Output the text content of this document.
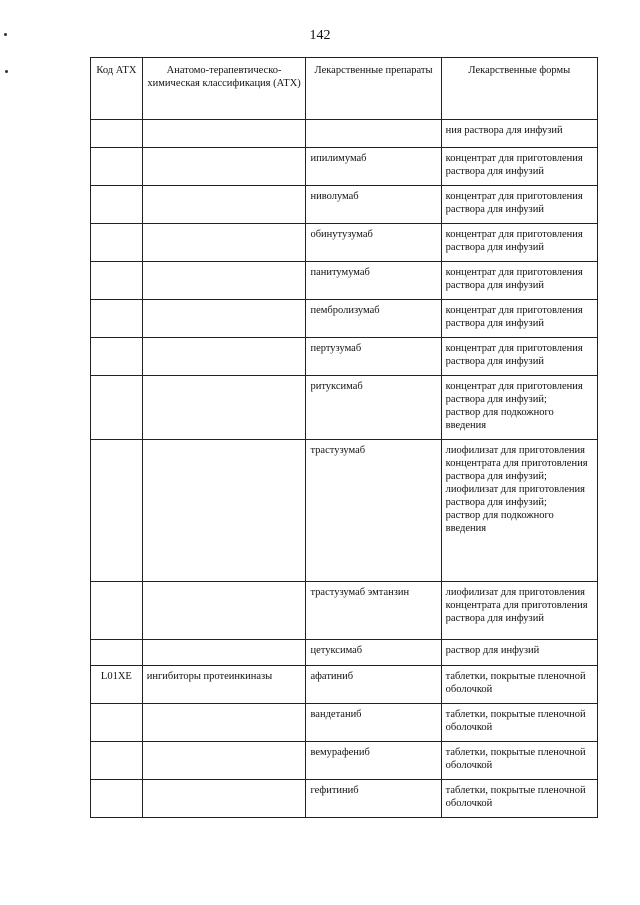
142
Код АТХ	Анатомо-терапевтическо-химическая классификация (АТХ)	Лекарственные препараты	Лекарственные формы
			ния раствора для инфузий
		ипилимумаб	концентрат для приготовления раствора для инфузий
		ниволумаб	концентрат для приготовления раствора для инфузий
		обинутузумаб	концентрат для приготовления раствора для инфузий
		панитумумаб	концентрат для приготовления раствора для инфузий
		пембролизумаб	концентрат для приготовления раствора для инфузий
		пертузумаб	концентрат для приготовления раствора для инфузий
		ритуксимаб	концентрат для приготовления раствора для инфузий;
раствор для подкожного введения
		трастузумаб	лиофилизат для приготовления концентрата для приготовления раствора для инфузий;
лиофилизат для приготовления раствора для инфузий;
раствор для подкожного введения
		трастузумаб эмтанзин	лиофилизат для приготовления концентрата для приготовления раствора для инфузий
		цетуксимаб	раствор для инфузий
L01XE	ингибиторы протеинкиназы	афатиниб	таблетки, покрытые пленочной оболочкой
		вандетаниб	таблетки, покрытые пленочной оболочкой
		вемурафениб	таблетки, покрытые пленочной оболочкой
		гефитиниб	таблетки, покрытые пленочной оболочкой
